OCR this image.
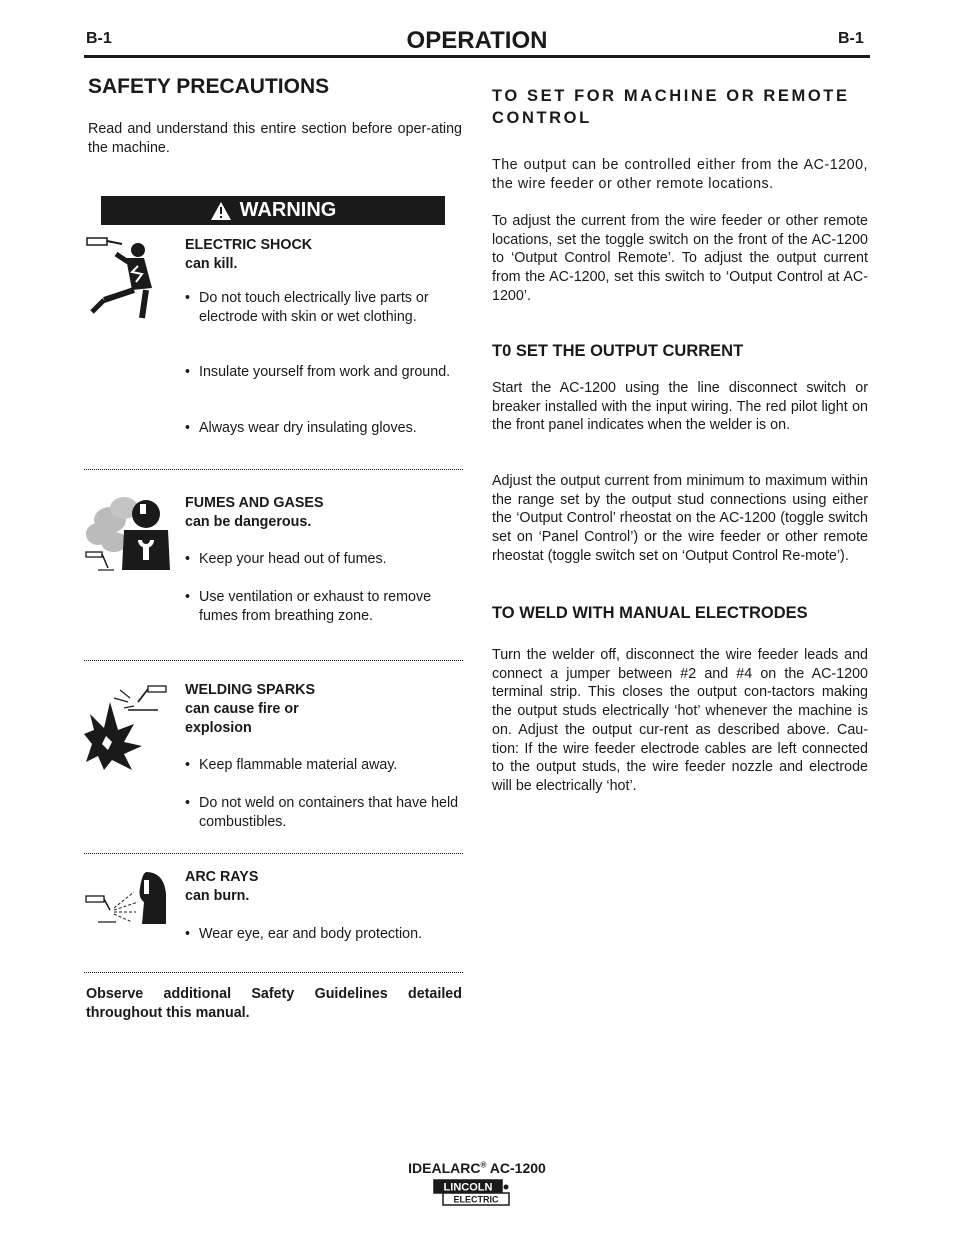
B-1	OPERATION	B-1
SAFETY PRECAUTIONS
Read and understand this entire section before oper-ating the machine.
WARNING
ELECTRIC SHOCK
can kill.
• Do not touch electrically live parts or electrode with skin or wet clothing.
• Insulate yourself from work and ground.
• Always wear dry insulating gloves.
FUMES AND GASES
can be dangerous.
• Keep your head out of fumes.
• Use ventilation or exhaust to remove fumes from breathing zone.
WELDING SPARKS
can cause fire or
explosion
• Keep flammable material away.
• Do not weld on containers that have held combustibles.
ARC RAYS
can burn.
• Wear eye, ear and body protection.
Observe additional Safety Guidelines detailed throughout this manual.
TO SET FOR MACHINE OR REMOTE CONTROL
The output can be controlled either from the AC-1200, the wire feeder or other remote locations.
To adjust the current from the wire feeder or other remote locations, set the toggle switch on the front of the AC-1200 to ‘Output Control Remote’. To adjust the output current from the AC-1200, set this switch to ‘Output Control at AC-1200’.
T0 SET THE OUTPUT CURRENT
Start the AC-1200 using the line disconnect switch or breaker installed with the input wiring. The red pilot light on the front panel indicates when the welder is on.
Adjust the output current from minimum to maximum within the range set by the output stud connections using either the ‘Output Control’ rheostat on the AC-1200 (toggle switch set on ‘Panel Control’) or the wire feeder or other remote rheostat (toggle switch set on ‘Output Control Re-mote’).
TO WELD WITH MANUAL ELECTRODES
Turn the welder off, disconnect the wire feeder leads and connect a jumper between #2 and #4 on the AC-1200 terminal strip. This closes the output con-tactors making the output studs electrically ‘hot’ whenever the machine is on. Adjust the output cur-rent as described above. Cau-tion: If the wire feeder electrode cables are left connected to the output studs, the wire feeder nozzle and electrode will be electrically ‘hot’.
IDEALARC® AC-1200
LINCOLN
ELECTRIC
